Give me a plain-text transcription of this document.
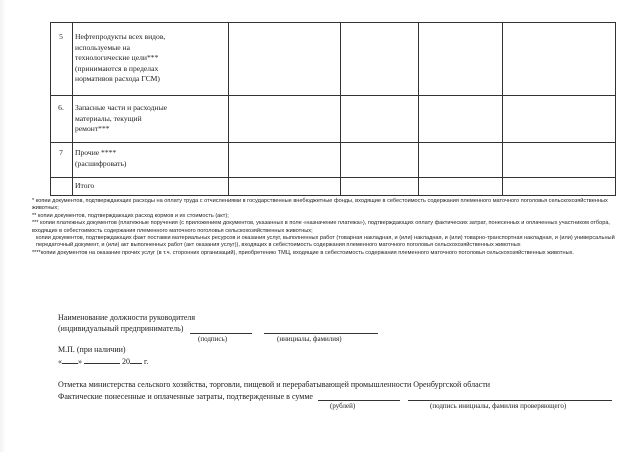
5	Нефтепродукты всех видов,
используемые на
технологические цели***
(принимаются в пределах
нормативов расхода ГСМ)
6.	Запасные части и расходные
материалы, текущий
ремонт***
7	Прочие ****
(расшифровать)
Итого

* копии документов, подтверждающих расходы на оплату труда с отчислениями в государственные внебюджетные фонды, входящие в себестоимость содержания племенного маточного поголовья сельскохозяйственных животных;

** копии документов, подтверждающих расход кормов и их стоимость (акт);

*** копии платежных документов (платежные поручения (с приложением документов, указанных в поле «назначение платежа»), подтверждающих оплату фактических затрат, понесенных и оплаченных участником отбора, входящих в себестоимость содержания племенного маточного поголовья сельскохозяйственных животных;

копии документов, подтверждающих факт поставки материальных ресурсов и оказания услуг, выполненных работ (товарная накладная, и (или) накладная, и (или) товарно-транспортная накладная, и (или) универсальный передаточный документ, и (или) акт выполненных работ (акт оказания услуг)), входящих в себестоимость содержания племенного маточного поголовья сельскохозяйственных животных

****копии документов на оказание прочих услуг (в т.ч. сторонних организаций), приобретению ТМЦ, входящие в себестоимость содержания племенного маточного поголовья сельскохозяйственных животных.

Наименование должности руководителя
(индивидуальный предприниматель)
(подпись)	(инициалы, фамилия)
М.П. (при наличии)
« »	20 г.
Отметка министерства сельского хозяйства, торговли, пищевой и перерабатывающей промышленности Оренбургской области
Фактические понесенные и оплаченные затраты, подтвержденные в сумме
(рублей)	(подпись инициалы, фамилия проверяющего)
